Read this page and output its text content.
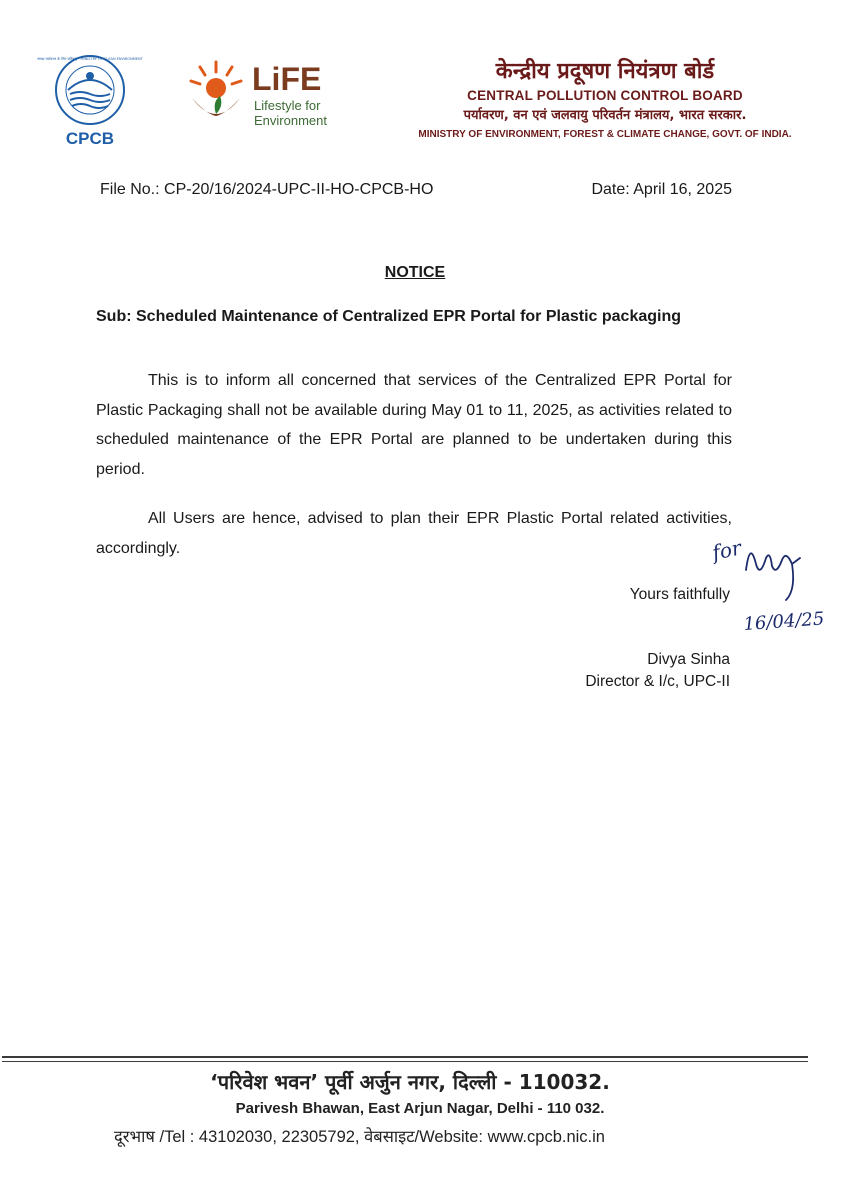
स्वच्छ पर्यावरण के लिए प्रतिबद्ध · MINISTRY OF CLEAN ENVIRONMENT
CPCB
LiFE
Lifestyle for
Environment
केन्द्रीय प्रदूषण नियंत्रण बोर्ड
CENTRAL POLLUTION CONTROL BOARD
पर्यावरण, वन एवं जलवायु परिवर्तन मंत्रालय, भारत सरकार.
MINISTRY OF ENVIRONMENT, FOREST & CLIMATE CHANGE, GOVT. OF INDIA.
File No.: CP-20/16/2024-UPC-II-HO-CPCB-HO	Date: April 16, 2025
NOTICE
Sub: Scheduled Maintenance of Centralized EPR Portal for Plastic packaging

This is to inform all concerned that services of the Centralized EPR Portal for Plastic Packaging shall not be available during May 01 to 11, 2025, as activities related to scheduled maintenance of the EPR Portal are planned to be undertaken during this period.

All Users are hence, advised to plan their EPR Plastic Portal related activities, accordingly.	for
16/04/25
Yours faithfully
Divya Sinha
Director & I/c, UPC-II
‘परिवेश भवन’ पूर्वी अर्जुन नगर, दिल्ली - 110032.
Parivesh Bhawan, East Arjun Nagar, Delhi - 110 032.
दूरभाष /Tel : 43102030, 22305792, वेबसाइट/Website: www.cpcb.nic.in
